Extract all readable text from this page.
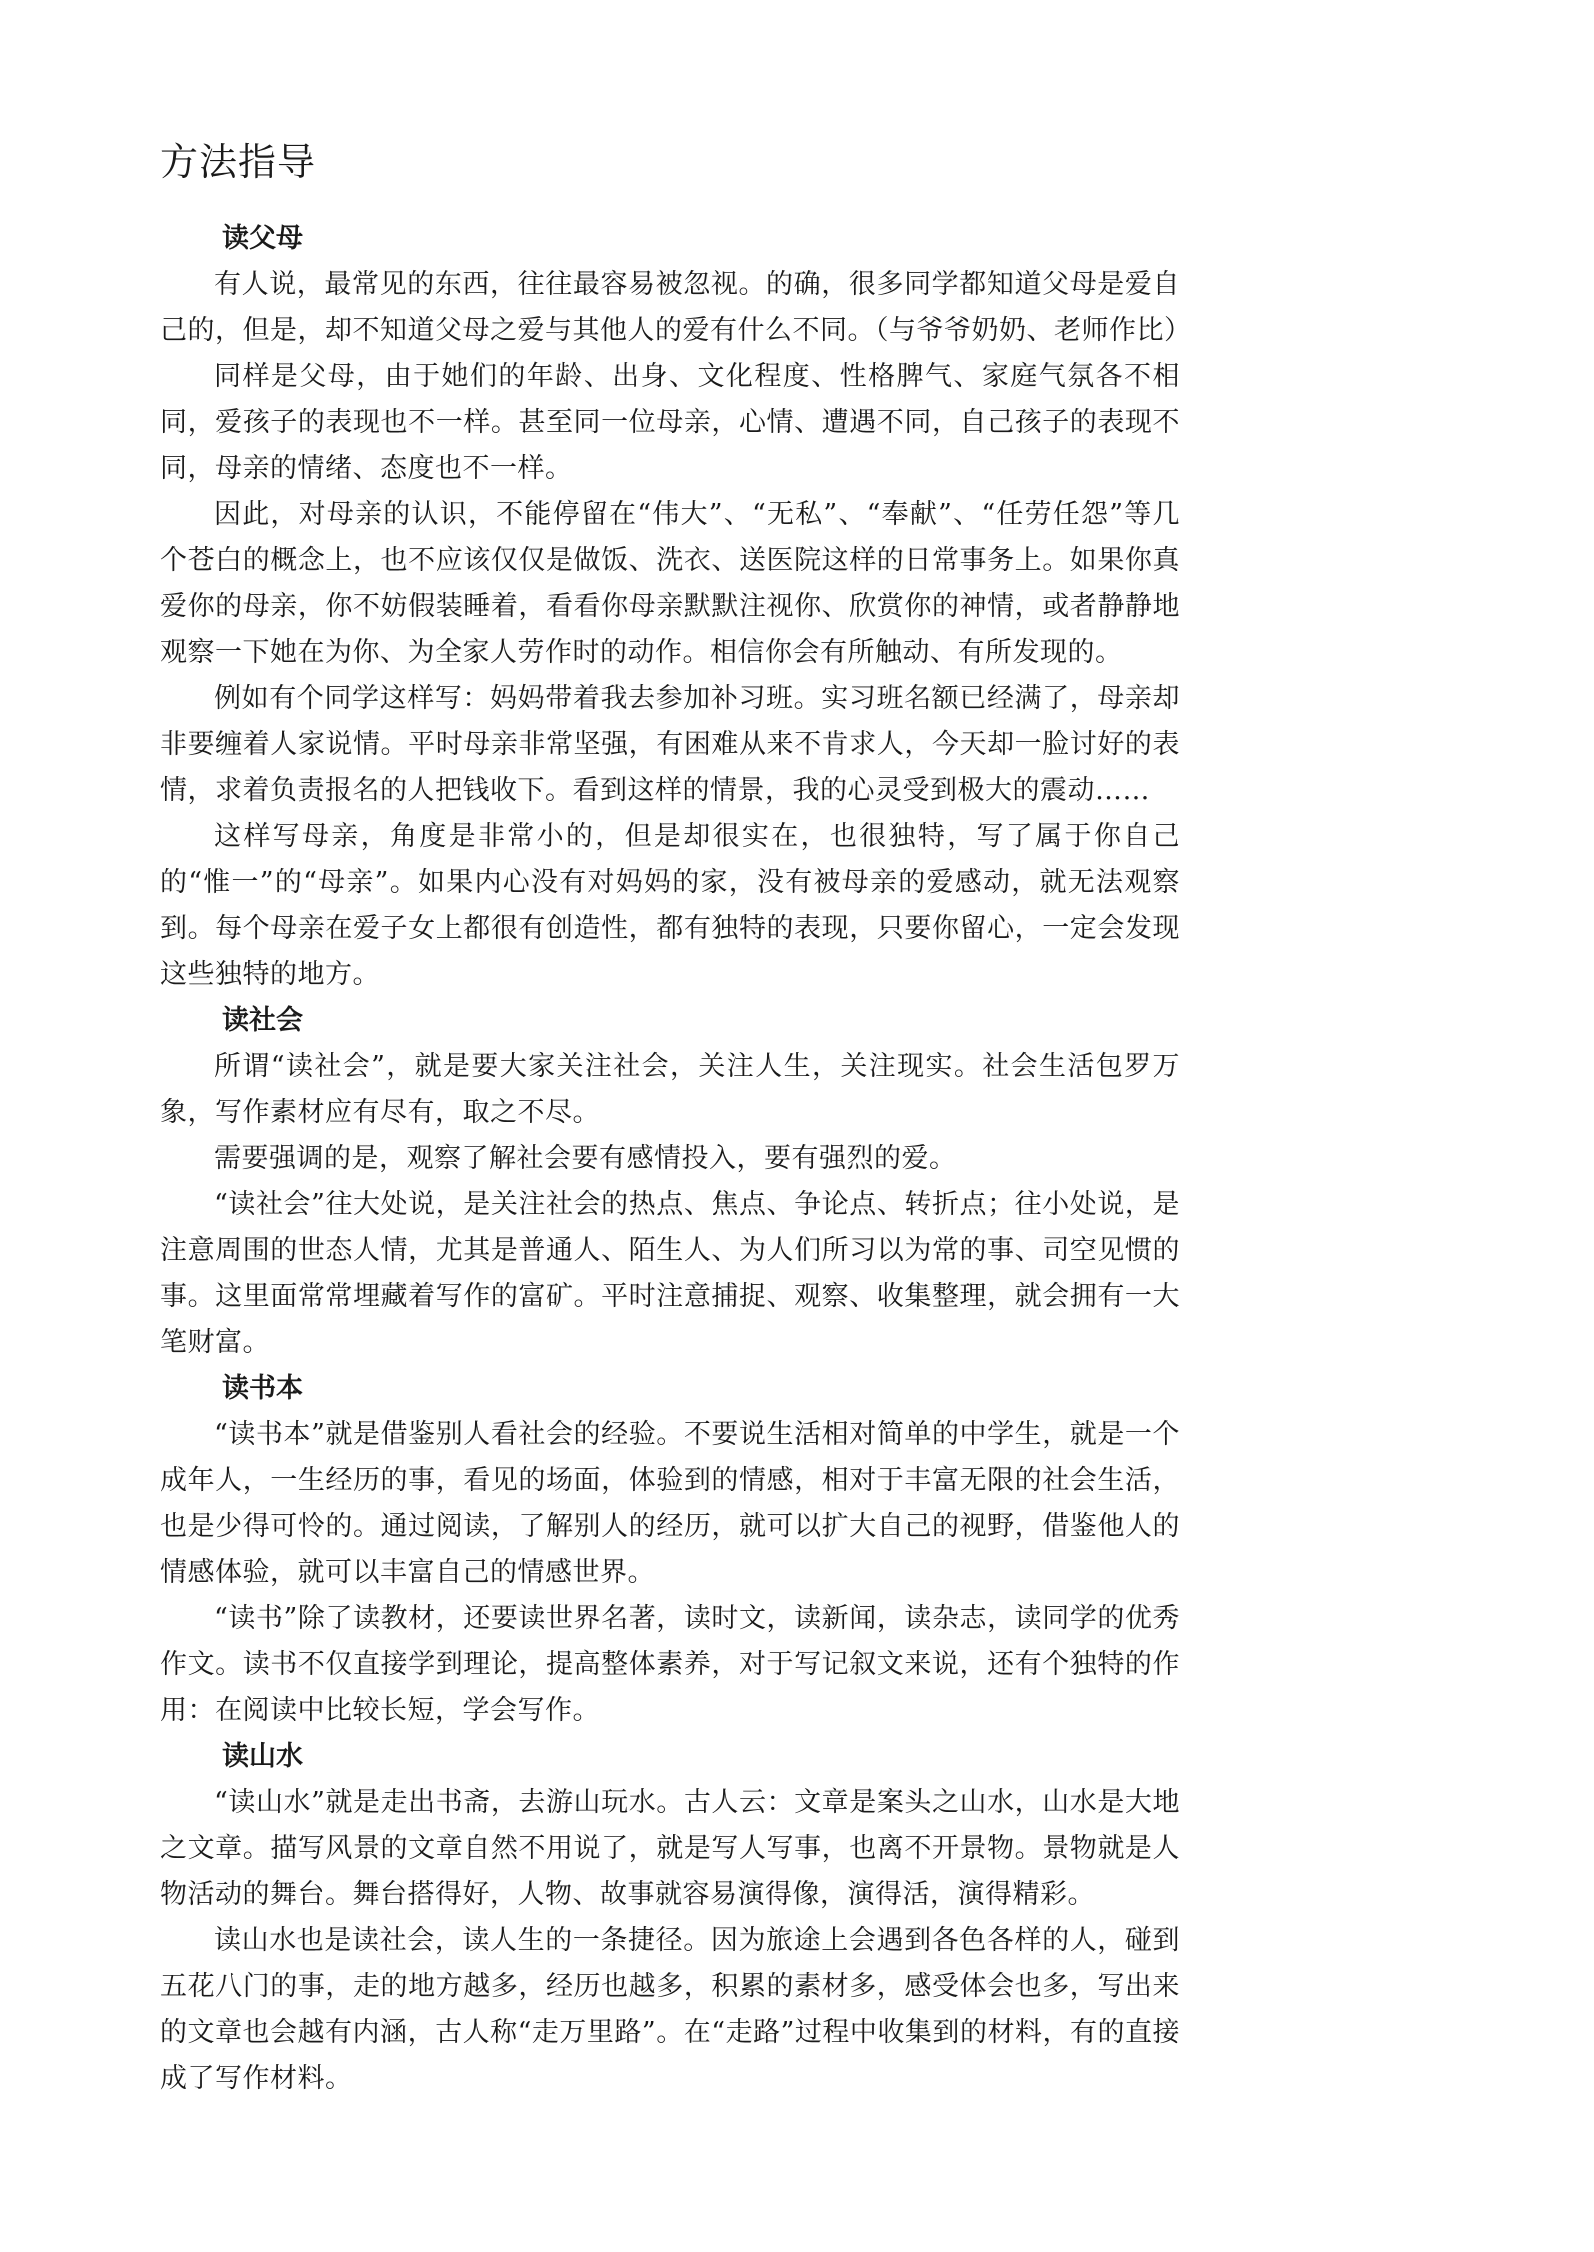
方法指导
读父母

有人说，最常见的东西，往往最容易被忽视。的确，很多同学都知道父母是爱自己的，但是，却不知道父母之爱与其他人的爱有什么不同。（与爷爷奶奶、老师作比）

同样是父母，由于她们的年龄、出身、文化程度、性格脾气、家庭气氛各不相同，爱孩子的表现也不一样。甚至同一位母亲，心情、遭遇不同，自己孩子的表现不同，母亲的情绪、态度也不一样。

因此，对母亲的认识，不能停留在“伟大”、“无私”、“奉献”、“任劳任怨”等几个苍白的概念上，也不应该仅仅是做饭、洗衣、送医院这样的日常事务上。如果你真爱你的母亲，你不妨假装睡着，看看你母亲默默注视你、欣赏你的神情，或者静静地观察一下她在为你、为全家人劳作时的动作。相信你会有所触动、有所发现的。

例如有个同学这样写：妈妈带着我去参加补习班。实习班名额已经满了，母亲却非要缠着人家说情。平时母亲非常坚强，有困难从来不肯求人，今天却一脸讨好的表情，求着负责报名的人把钱收下。看到这样的情景，我的心灵受到极大的震动……

这样写母亲，角度是非常小的，但是却很实在，也很独特，写了属于你自己的“惟一”的“母亲”。如果内心没有对妈妈的家，没有被母亲的爱感动，就无法观察到。每个母亲在爱子女上都很有创造性，都有独特的表现，只要你留心，一定会发现这些独特的地方。

读社会

所谓“读社会”，就是要大家关注社会，关注人生，关注现实。社会生活包罗万象，写作素材应有尽有，取之不尽。

需要强调的是，观察了解社会要有感情投入，要有强烈的爱。

“读社会”往大处说，是关注社会的热点、焦点、争论点、转折点；往小处说，是注意周围的世态人情，尤其是普通人、陌生人、为人们所习以为常的事、司空见惯的事。这里面常常埋藏着写作的富矿。平时注意捕捉、观察、收集整理，就会拥有一大笔财富。

读书本

“读书本”就是借鉴别人看社会的经验。不要说生活相对简单的中学生，就是一个成年人，一生经历的事，看见的场面，体验到的情感，相对于丰富无限的社会生活，也是少得可怜的。通过阅读，了解别人的经历，就可以扩大自己的视野，借鉴他人的情感体验，就可以丰富自己的情感世界。

“读书”除了读教材，还要读世界名著，读时文，读新闻，读杂志，读同学的优秀作文。读书不仅直接学到理论，提高整体素养，对于写记叙文来说，还有个独特的作用：在阅读中比较长短，学会写作。

读山水

“读山水”就是走出书斋，去游山玩水。古人云：文章是案头之山水，山水是大地之文章。描写风景的文章自然不用说了，就是写人写事，也离不开景物。景物就是人物活动的舞台。舞台搭得好，人物、故事就容易演得像，演得活，演得精彩。

读山水也是读社会，读人生的一条捷径。因为旅途上会遇到各色各样的人，碰到五花八门的事，走的地方越多，经历也越多，积累的素材多，感受体会也多，写出来的文章也会越有内涵，古人称“走万里路”。在“走路”过程中收集到的材料，有的直接成了写作材料。
